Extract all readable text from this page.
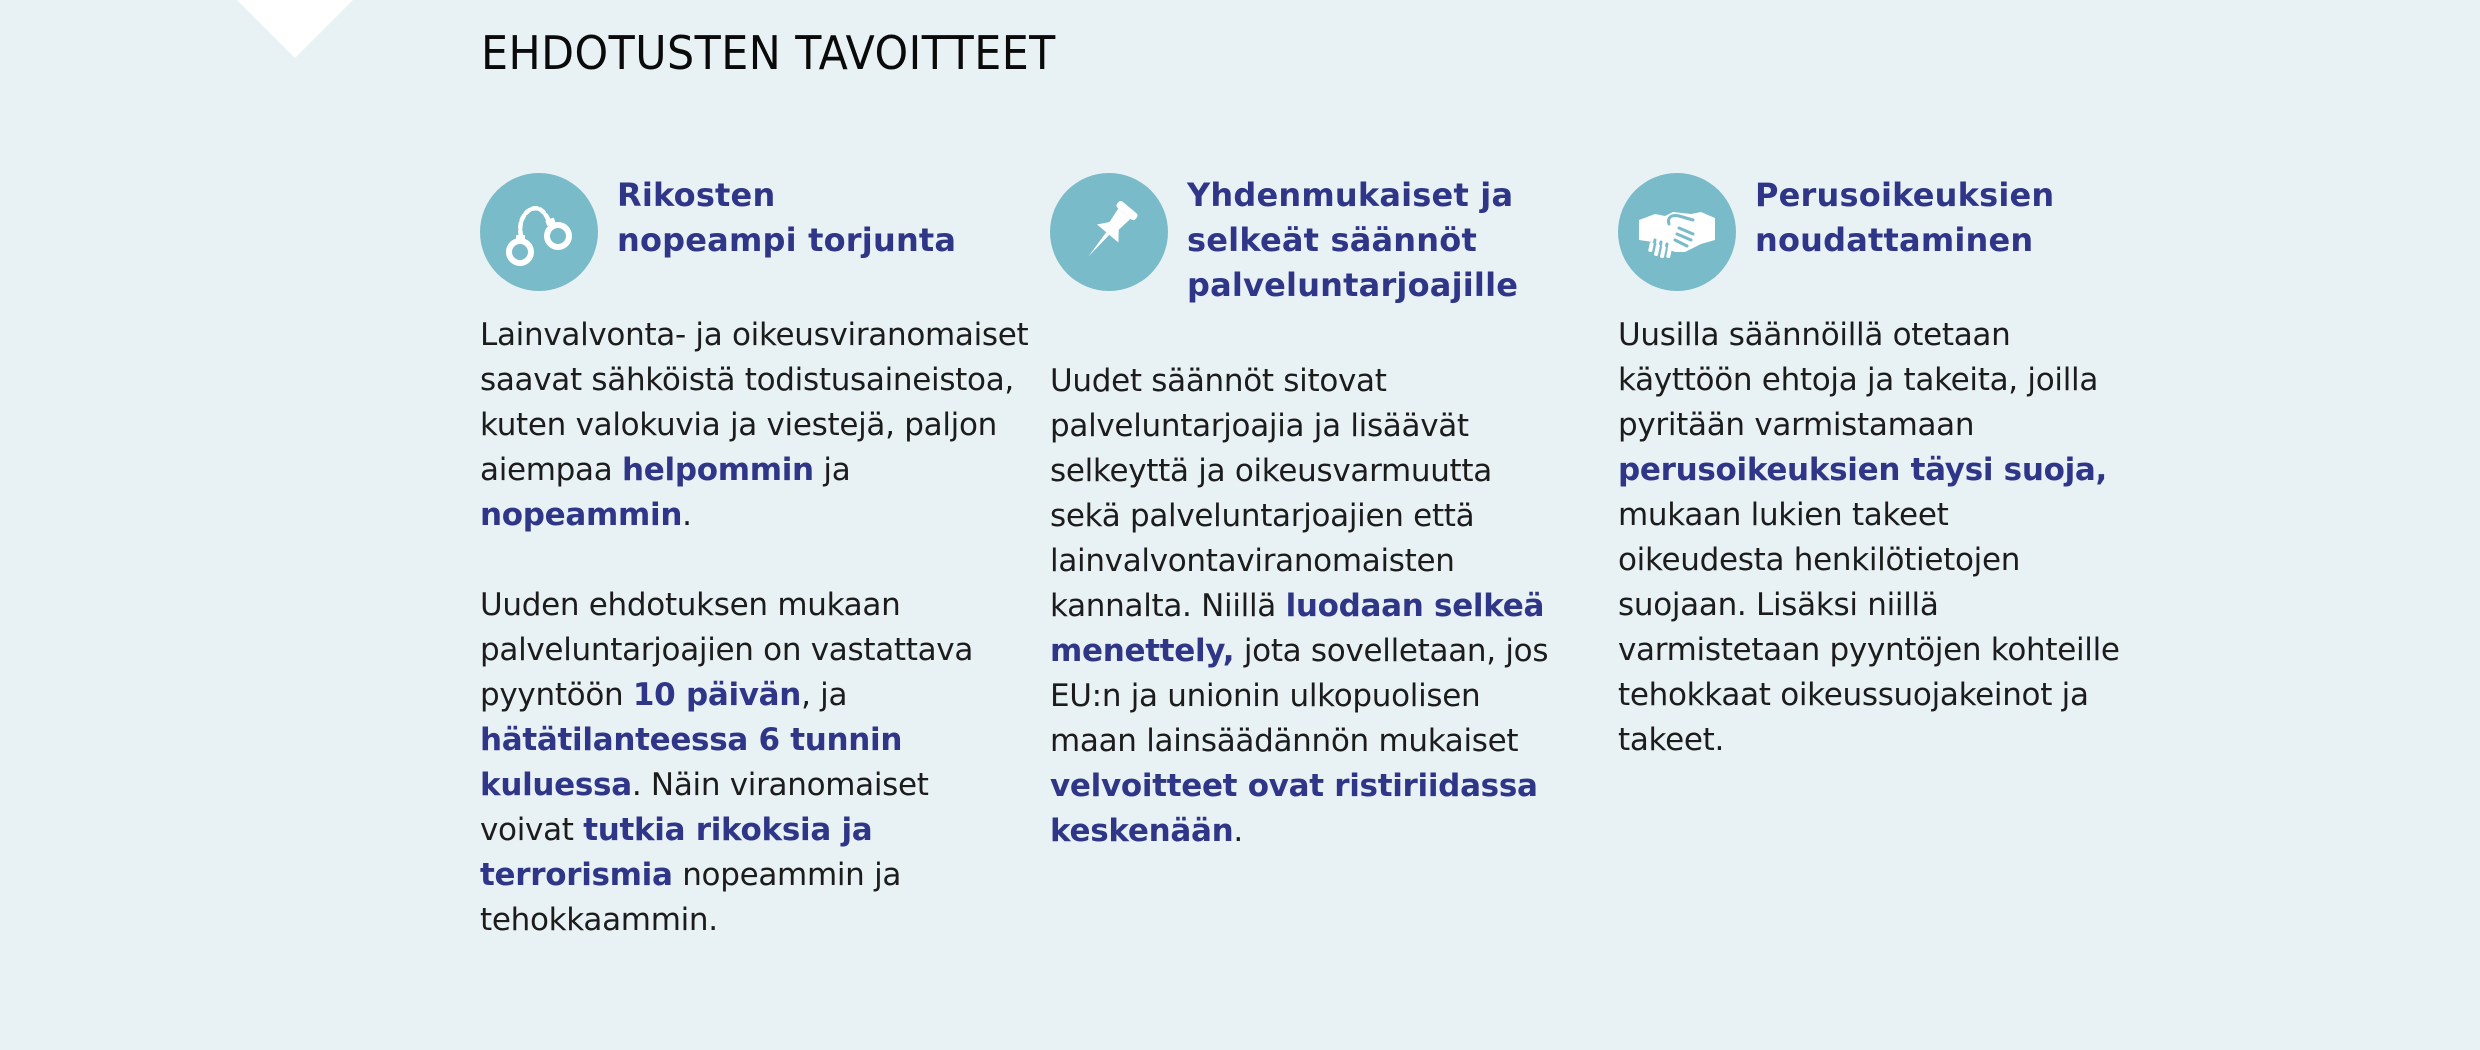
EHDOTUSTEN TAVOITTEET
Rikosten
nopeampi torjunta

Lainvalvonta- ja oikeusviranomaiset
saavat sähköistä todistusaineistoa,
kuten valokuvia ja viestejä, paljon
aiempaa helpommin ja
nopeammin.

Uuden ehdotuksen mukaan
palveluntarjoajien on vastattava
pyyntöön 10 päivän, ja
hätätilanteessa 6 tunnin
kuluessa. Näin viranomaiset
voivat tutkia rikoksia ja
terrorismia nopeammin ja
tehokkaammin.

Yhdenmukaiset ja
selkeät säännöt
palveluntarjoajille

Uudet säännöt sitovat
palveluntarjoajia ja lisäävät
selkeyttä ja oikeusvarmuutta
sekä palveluntarjoajien että
lainvalvontaviranomaisten
kannalta. Niillä luodaan selkeä
menettely, jota sovelletaan, jos
EU:n ja unionin ulkopuolisen
maan lainsäädännön mukaiset
velvoitteet ovat ristiriidassa
keskenään.

Perusoikeuksien
noudattaminen

Uusilla säännöillä otetaan
käyttöön ehtoja ja takeita, joilla
pyritään varmistamaan
perusoikeuksien täysi suoja,
mukaan lukien takeet
oikeudesta henkilötietojen
suojaan. Lisäksi niillä
varmistetaan pyyntöjen kohteille
tehokkaat oikeussuojakeinot ja
takeet.
